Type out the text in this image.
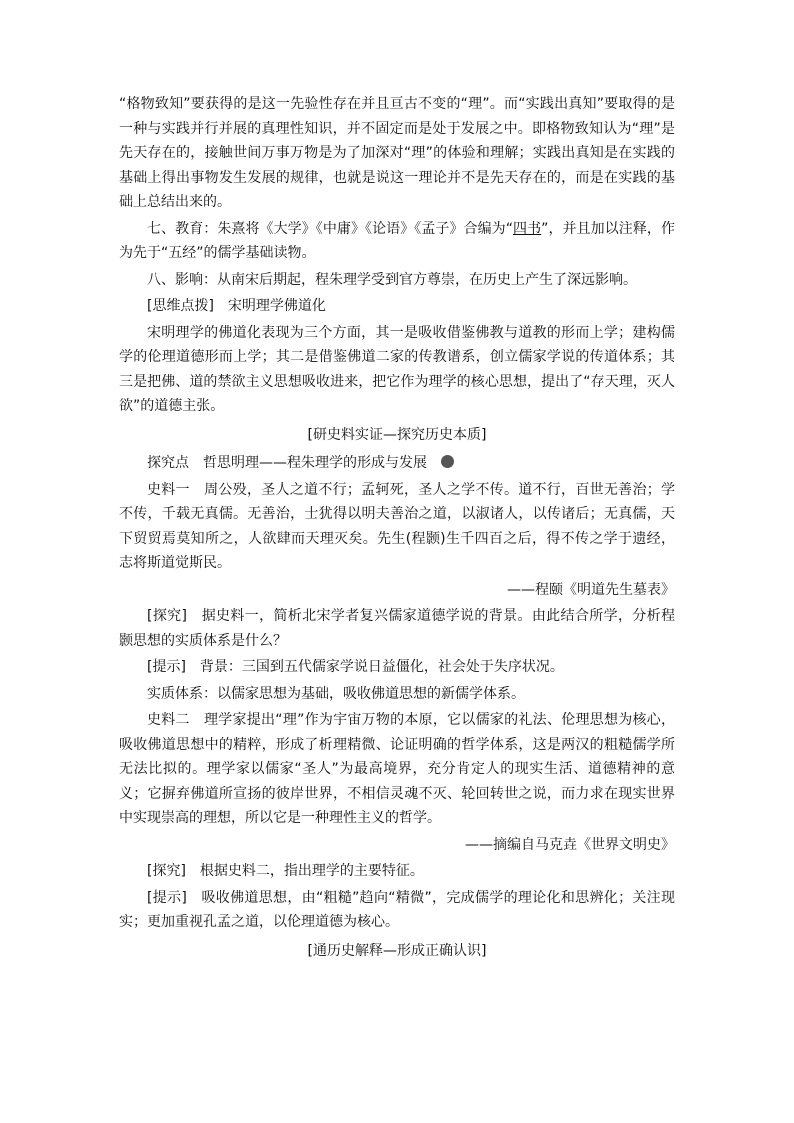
“格物致知”要获得的是这一先验性存在并且亘古不变的“理”。而“实践出真知”要取得的是一种与实践并行并展的真理性知识，并不固定而是处于发展之中。即格物致知认为“理”是先天存在的，接触世间万事万物是为了加深对“理”的体验和理解；实践出真知是在实践的基础上得出事物发生发展的规律，也就是说这一理论并不是先天存在的，而是在实践的基础上总结出来的。

七、教育：朱熹将《大学》《中庸》《论语》《孟子》合编为“四书”，并且加以注释，作为先于“五经”的儒学基础读物。

八、影响：从南宋后期起，程朱理学受到官方尊崇，在历史上产生了深远影响。

[思维点拨]　宋明理学佛道化

宋明理学的佛道化表现为三个方面，其一是吸收借鉴佛教与道教的形而上学；建构儒学的伦理道德形而上学；其二是借鉴佛道二家的传教谱系，创立儒家学说的传道体系；其三是把佛、道的禁欲主义思想吸收进来，把它作为理学的核心思想，提出了“存天理，灭人欲”的道德主张。

[研史料实证—探究历史本质]

探究点　哲思明理——程朱理学的形成与发展

史料一　周公殁，圣人之道不行；孟轲死，圣人之学不传。道不行，百世无善治；学不传，千载无真儒。无善治，士犹得以明夫善治之道，以淑诸人，以传诸后；无真儒，天下贸贸焉莫知所之，人欲肆而天理灭矣。先生(程颢)生千四百之后，得不传之学于遗经，志将斯道觉斯民。

——程颐《明道先生墓表》

[探究]　据史料一，简析北宋学者复兴儒家道德学说的背景。由此结合所学，分析程颢思想的实质体系是什么？

[提示]　背景：三国到五代儒家学说日益僵化，社会处于失序状况。

实质体系：以儒家思想为基础，吸收佛道思想的新儒学体系。

史料二　理学家提出“理”作为宇宙万物的本原，它以儒家的礼法、伦理思想为核心，吸收佛道思想中的精粹，形成了析理精微、论证明确的哲学体系，这是两汉的粗糙儒学所无法比拟的。理学家以儒家“圣人”为最高境界，充分肯定人的现实生活、道德精神的意义；它摒弃佛道所宣扬的彼岸世界，不相信灵魂不灭、轮回转世之说，而力求在现实世界中实现崇高的理想，所以它是一种理性主义的哲学。

——摘编自马克垚《世界文明史》

[探究]　根据史料二，指出理学的主要特征。

[提示]　吸收佛道思想，由“粗糙”趋向“精微”，完成儒学的理论化和思辨化；关注现实；更加重视孔孟之道，以伦理道德为核心。

[通历史解释—形成正确认识]
